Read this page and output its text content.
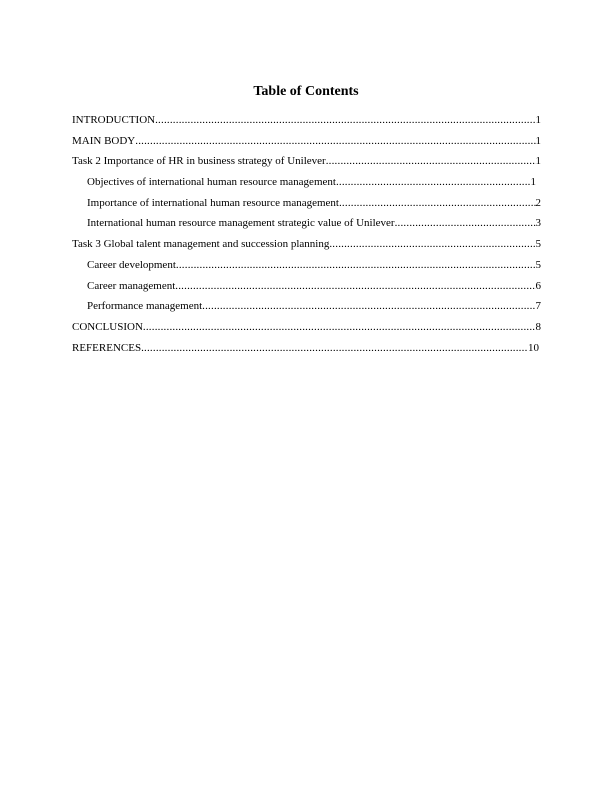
Table of Contents
INTRODUCTION .....	1
MAIN BODY .....	1
Task 2 Importance of HR in business strategy of Unilever .....	1
Objectives of international human resource management .....	1
Importance of international human resource management .....	2
International human resource management strategic value of Unilever .....	3
Task 3 Global talent management and succession planning .....	5
Career development .....	5
Career management .....	6
Performance management .....	7
CONCLUSION .....	8
REFERENCES .....	10
